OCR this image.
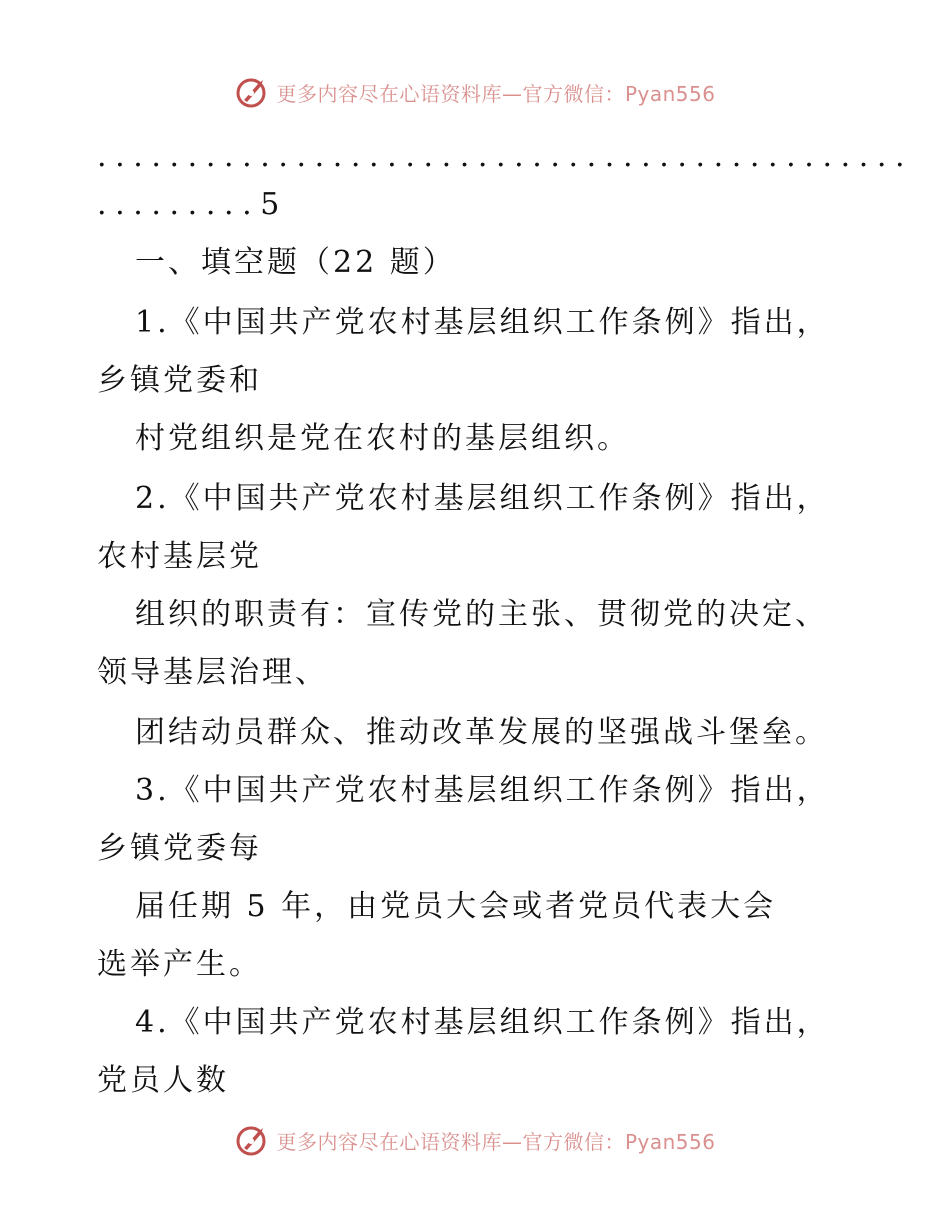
更多内容尽在心语资料库—官方微信：Pyan556
.............................................
.........5
一、填空题（22 题）
1.《中国共产党农村基层组织工作条例》指出，
乡镇党委和
村党组织是党在农村的基层组织。
2.《中国共产党农村基层组织工作条例》指出，
农村基层党
组织的职责有：宣传党的主张、贯彻党的决定、
领导基层治理、
团结动员群众、推动改革发展的坚强战斗堡垒。
3.《中国共产党农村基层组织工作条例》指出，
乡镇党委每
届任期 5 年，由党员大会或者党员代表大会
选举产生。
4.《中国共产党农村基层组织工作条例》指出，
党员人数
更多内容尽在心语资料库—官方微信：Pyan556
